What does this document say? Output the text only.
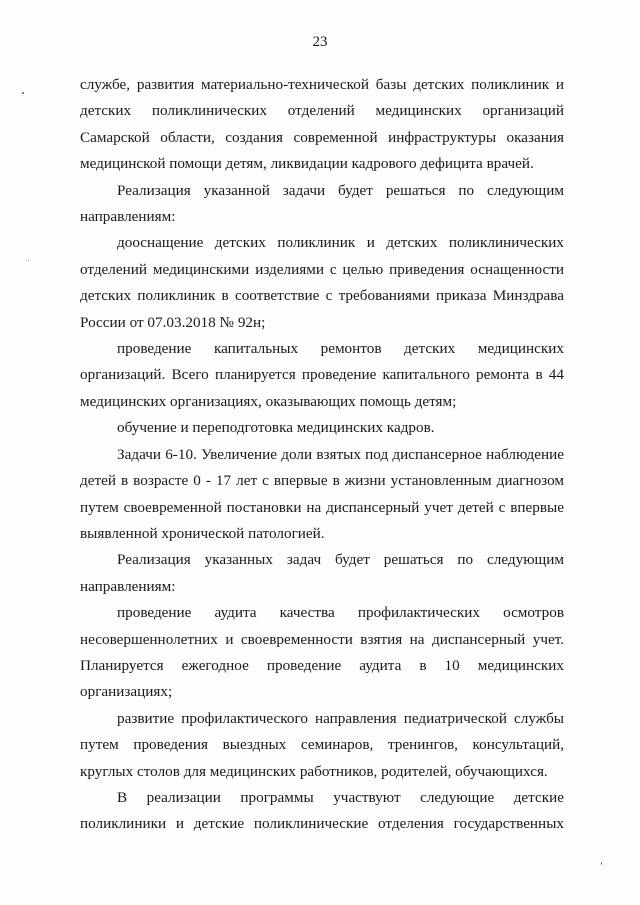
23

службе, развития материально-технической базы детских поликлиник и детских поликлинических отделений медицинских организаций Самарской области, создания современной инфраструктуры оказания медицинской помощи детям, ликвидации кадрового дефицита врачей.

Реализация указанной задачи будет решаться по следующим направлениям:

дооснащение детских поликлиник и детских поликлинических отделений медицинскими изделиями с целью приведения оснащенности детских поликлиник в соответствие с требованиями приказа Минздрава России от 07.03.2018 № 92н;

проведение капитальных ремонтов детских медицинских организаций. Всего планируется проведение капитального ремонта в 44 медицинских организациях, оказывающих помощь детям;

обучение и переподготовка медицинских кадров.

Задачи 6-10. Увеличение доли взятых под диспансерное наблюдение детей в возрасте 0 - 17 лет с впервые в жизни установленным диагнозом путем своевременной постановки на диспансерный учет детей с впервые выявленной хронической патологией.

Реализация указанных задач будет решаться по следующим направлениям:

проведение аудита качества профилактических осмотров несовершеннолетних и своевременности взятия на диспансерный учет. Планируется ежегодное проведение аудита в 10 медицинских организациях;

развитие профилактического направления педиатрической службы путем проведения выездных семинаров, тренингов, консультаций, круглых столов для медицинских работников, родителей, обучающихся.

В реализации программы участвуют следующие детские поликлиники и детские поликлинические отделения государственных
